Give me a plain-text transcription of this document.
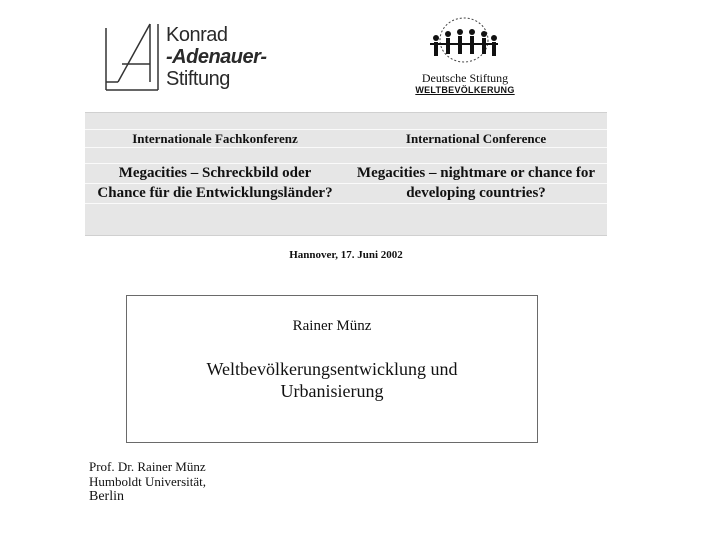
Konrad
-Adenauer-
Stiftung	Deutsche Stiftung
WELTBEVÖLKERUNG
Internationale Fachkonferenz	International Conference
Megacities – Schreckbild oder Chance für die Entwicklungsländer?
Megacities – nightmare or chance for developing countries?
Hannover, 17. Juni 2002
Rainer Münz
Weltbevölkerungsentwicklung und Urbanisierung
Prof. Dr. Rainer Münz
Humboldt Universität,
Berlin
